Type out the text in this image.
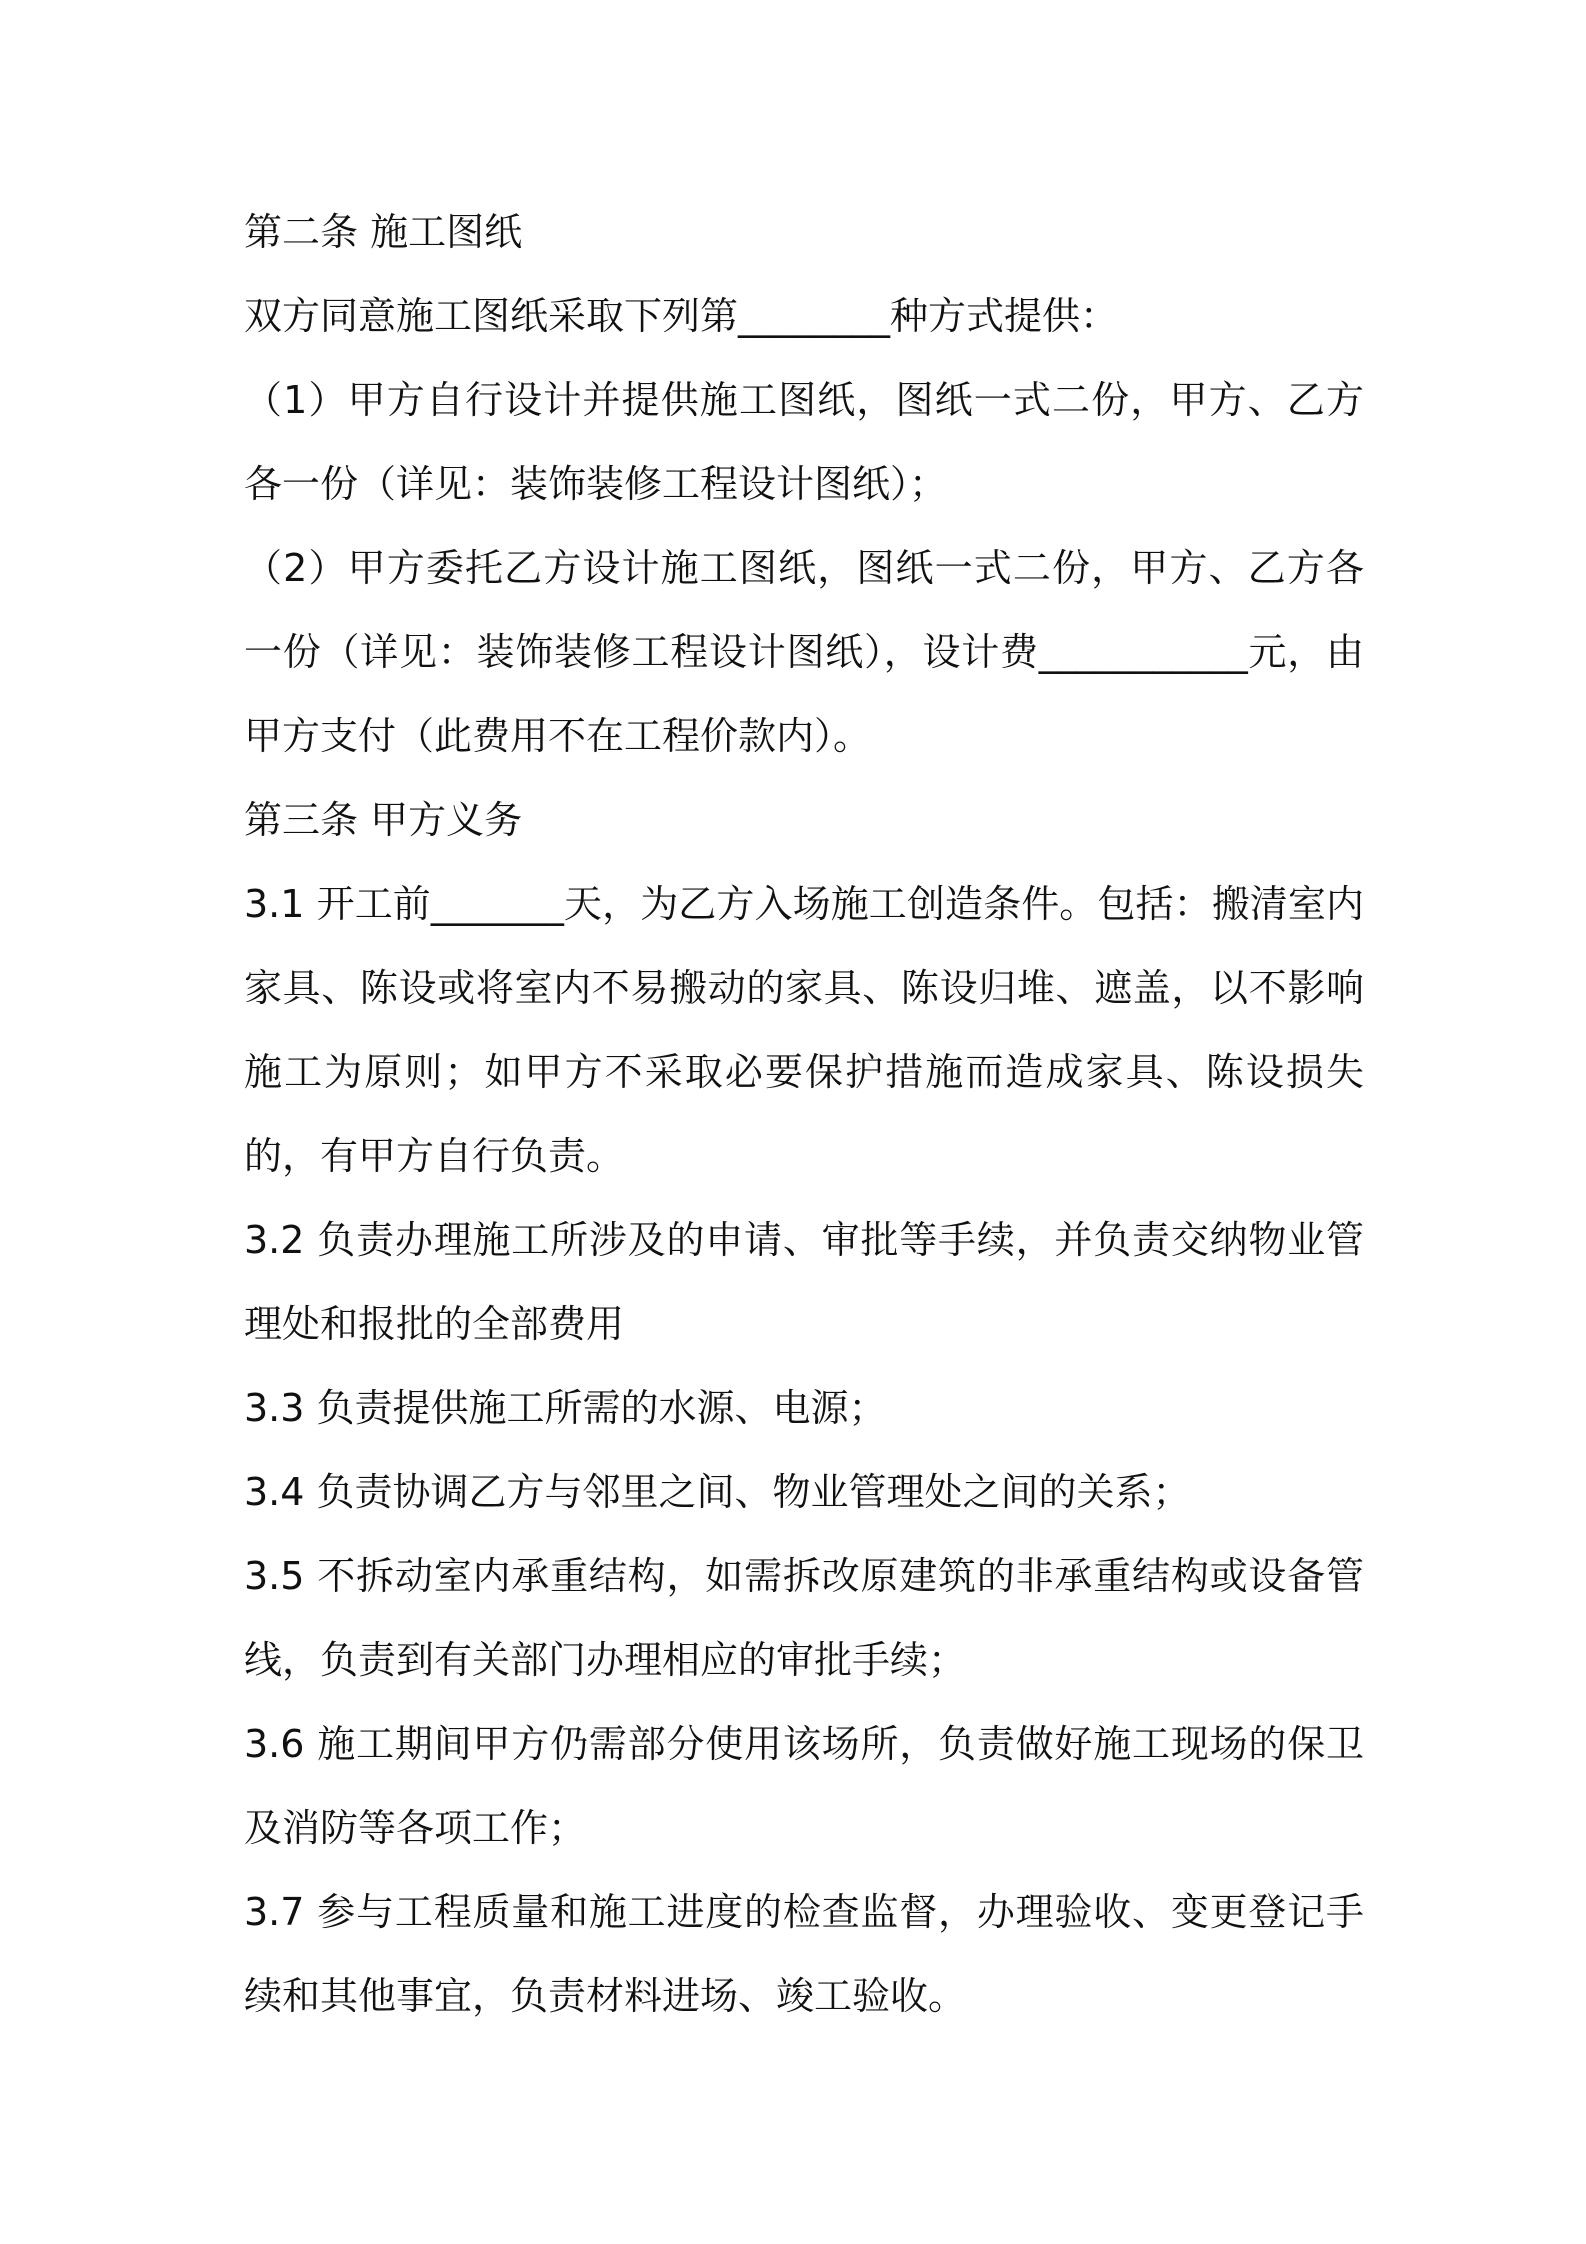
第二条 施工图纸

双方同意施工图纸采取下列第________种方式提供：

（1）甲方自行设计并提供施工图纸，图纸一式二份，甲方、乙方各一份（详见：装饰装修工程设计图纸）；

（2）甲方委托乙方设计施工图纸，图纸一式二份，甲方、乙方各一份（详见：装饰装修工程设计图纸），设计费___________元，由甲方支付（此费用不在工程价款内）。

第三条 甲方义务

3.1 开工前_______天，为乙方入场施工创造条件。包括：搬清室内家具、陈设或将室内不易搬动的家具、陈设归堆、遮盖，以不影响施工为原则；如甲方不采取必要保护措施而造成家具、陈设损失的，有甲方自行负责。

3.2 负责办理施工所涉及的申请、审批等手续，并负责交纳物业管理处和报批的全部费用

3.3 负责提供施工所需的水源、电源；

3.4 负责协调乙方与邻里之间、物业管理处之间的关系；

3.5 不拆动室内承重结构，如需拆改原建筑的非承重结构或设备管线，负责到有关部门办理相应的审批手续；

3.6 施工期间甲方仍需部分使用该场所，负责做好施工现场的保卫及消防等各项工作；

3.7 参与工程质量和施工进度的检查监督，办理验收、变更登记手续和其他事宜，负责材料进场、竣工验收。
